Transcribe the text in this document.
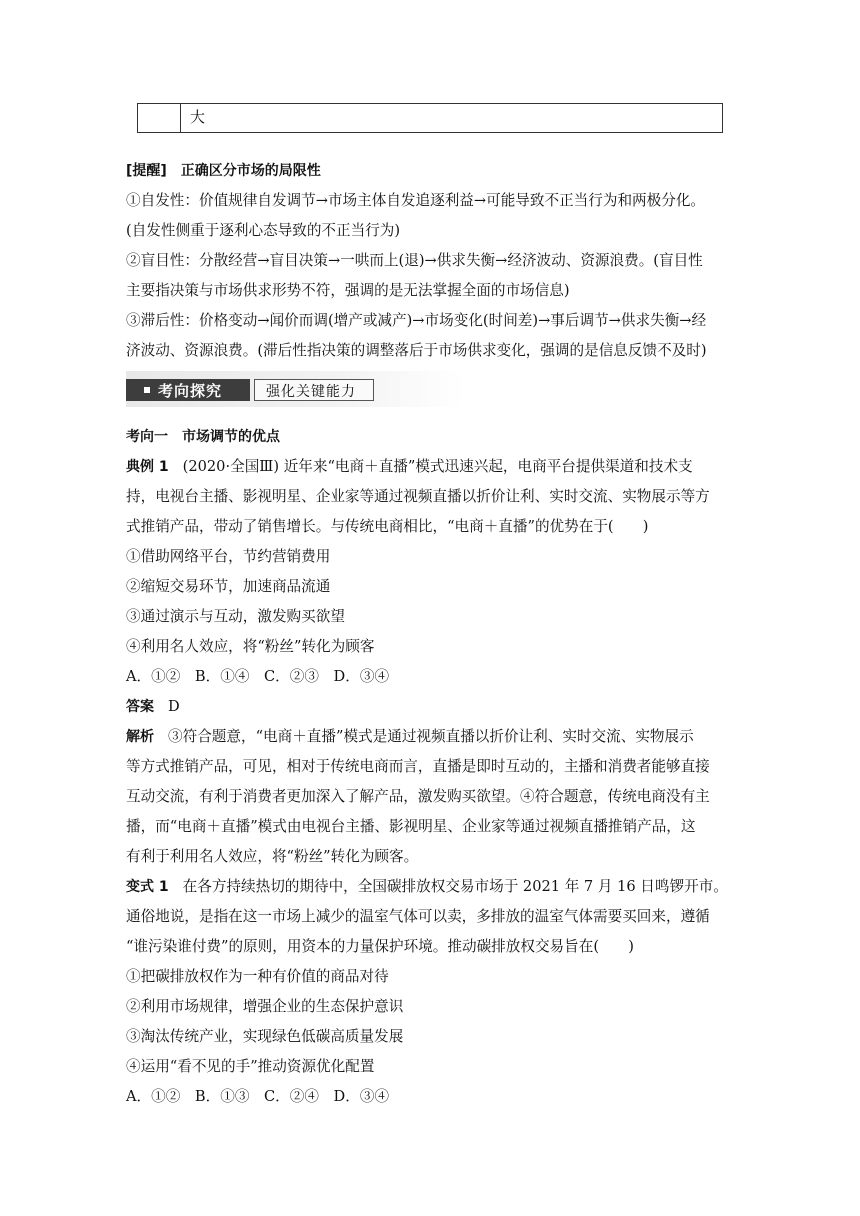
大
[提醒] 正确区分市场的局限性
①自发性：价值规律自发调节→市场主体自发追逐利益→可能导致不正当行为和两极分化。
(自发性侧重于逐利心态导致的不正当行为)
②盲目性：分散经营→盲目决策→一哄而上(退)→供求失衡→经济波动、资源浪费。(盲目性
主要指决策与市场供求形势不符，强调的是无法掌握全面的市场信息)
③滞后性：价格变动→闻价而调(增产或减产)→市场变化(时间差)→事后调节→供求失衡→经
济波动、资源浪费。(滞后性指决策的调整落后于市场供求变化，强调的是信息反馈不及时)
考向探究	强化关键能力
考向一 市场调节的优点
典例 1 (2020·全国Ⅲ) 近年来“电商＋直播”模式迅速兴起，电商平台提供渠道和技术支
持，电视台主播、影视明星、企业家等通过视频直播以折价让利、实时交流、实物展示等方
式推销产品，带动了销售增长。与传统电商相比，“电商＋直播”的优势在于(　　)
①借助网络平台，节约营销费用
②缩短交易环节，加速商品流通
③通过演示与互动，激发购买欲望
④利用名人效应，将“粉丝”转化为顾客
A．①②　B．①④　C．②③　D．③④
答案 D
解析 ③符合题意，“电商＋直播”模式是通过视频直播以折价让利、实时交流、实物展示
等方式推销产品，可见，相对于传统电商而言，直播是即时互动的，主播和消费者能够直接
互动交流，有利于消费者更加深入了解产品，激发购买欲望。④符合题意，传统电商没有主
播，而“电商＋直播”模式由电视台主播、影视明星、企业家等通过视频直播推销产品，这
有利于利用名人效应，将“粉丝”转化为顾客。
变式 1 在各方持续热切的期待中，全国碳排放权交易市场于 2021 年 7 月 16 日鸣锣开市。
通俗地说，是指在这一市场上减少的温室气体可以卖，多排放的温室气体需要买回来，遵循
“谁污染谁付费”的原则，用资本的力量保护环境。推动碳排放权交易旨在(　　)
①把碳排放权作为一种有价值的商品对待
②利用市场规律，增强企业的生态保护意识
③淘汰传统产业，实现绿色低碳高质量发展
④运用“看不见的手”推动资源优化配置
A．①②　B．①③　C．②④　D．③④
